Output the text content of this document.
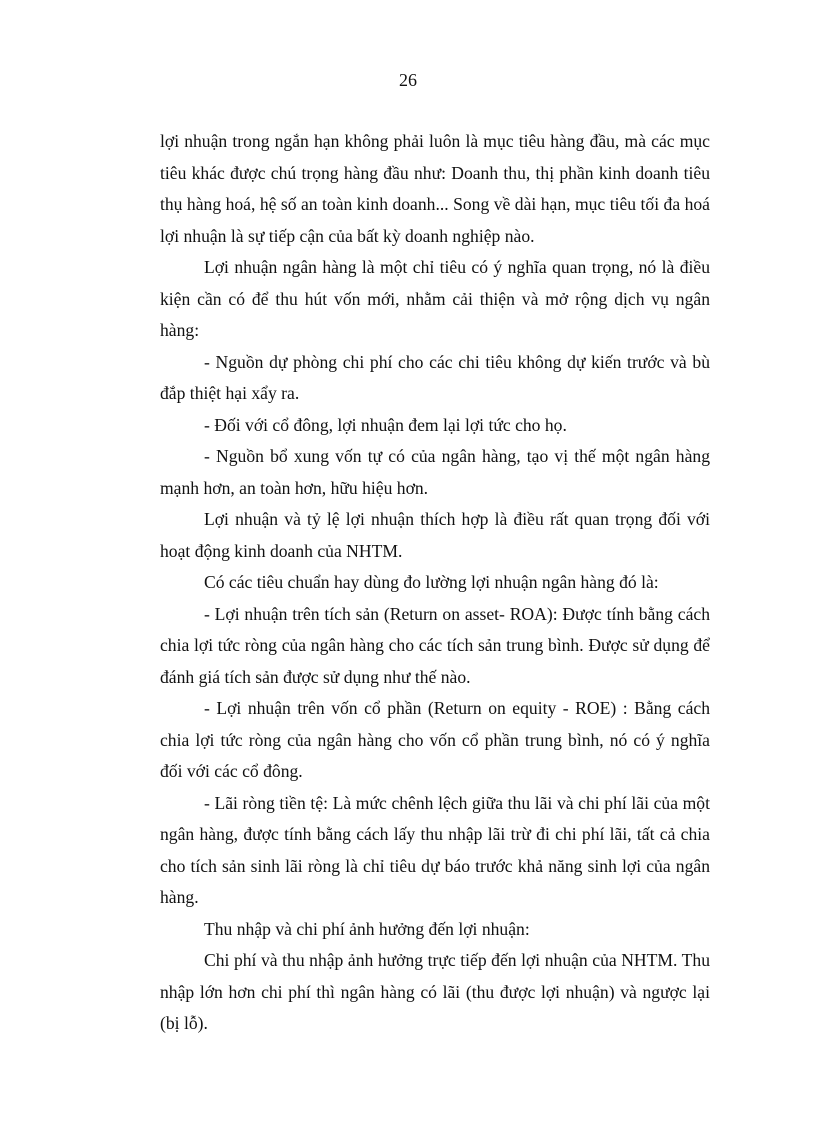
26

lợi nhuận trong ngắn hạn không phải luôn là mục tiêu hàng đầu, mà các mục tiêu khác được chú trọng hàng đầu như: Doanh thu, thị phần kinh doanh tiêu thụ hàng hoá, hệ số an toàn kinh doanh... Song về dài hạn, mục tiêu tối đa hoá lợi nhuận là sự tiếp cận của bất kỳ doanh nghiệp nào.

Lợi nhuận ngân hàng là một chỉ tiêu có ý nghĩa quan trọng, nó là điều kiện cần có để thu hút vốn mới, nhằm cải thiện và mở rộng dịch vụ ngân hàng:

- Nguồn dự phòng chi phí cho các chi tiêu không dự kiến trước và bù đắp thiệt hại xẩy ra.

- Đối với cổ đông, lợi nhuận đem lại lợi tức cho họ.

- Nguồn bổ xung vốn tự có của ngân hàng, tạo vị thế một ngân hàng mạnh hơn, an toàn hơn, hữu hiệu hơn.

Lợi nhuận và tỷ lệ lợi nhuận thích hợp là điều rất quan trọng đối với hoạt động kinh doanh của NHTM.

Có các tiêu chuẩn hay dùng đo lường lợi nhuận ngân hàng đó là:

- Lợi nhuận trên tích sản (Return on asset- ROA): Được tính bằng cách chia lợi tức ròng của ngân hàng cho các tích sản trung bình. Được sử dụng để đánh giá tích sản được sử dụng như thế nào.

- Lợi nhuận trên vốn cổ phần (Return on equity - ROE) : Bằng cách chia lợi tức ròng của ngân hàng cho vốn cổ phần trung bình, nó có ý nghĩa đối với các cổ đông.

- Lãi ròng tiền tệ: Là mức chênh lệch giữa thu lãi và chi phí lãi của một ngân hàng, được tính bằng cách lấy thu nhập lãi trừ đi chi phí lãi, tất cả chia cho tích sản sinh lãi ròng là chỉ tiêu dự báo trước khả năng sinh lợi của ngân hàng.

Thu nhập và chi phí ảnh hưởng đến lợi nhuận:

Chi phí và thu nhập ảnh hưởng trực tiếp đến lợi nhuận của NHTM. Thu nhập lớn hơn chi phí thì ngân hàng có lãi (thu được lợi nhuận) và ngược lại (bị lỗ).
